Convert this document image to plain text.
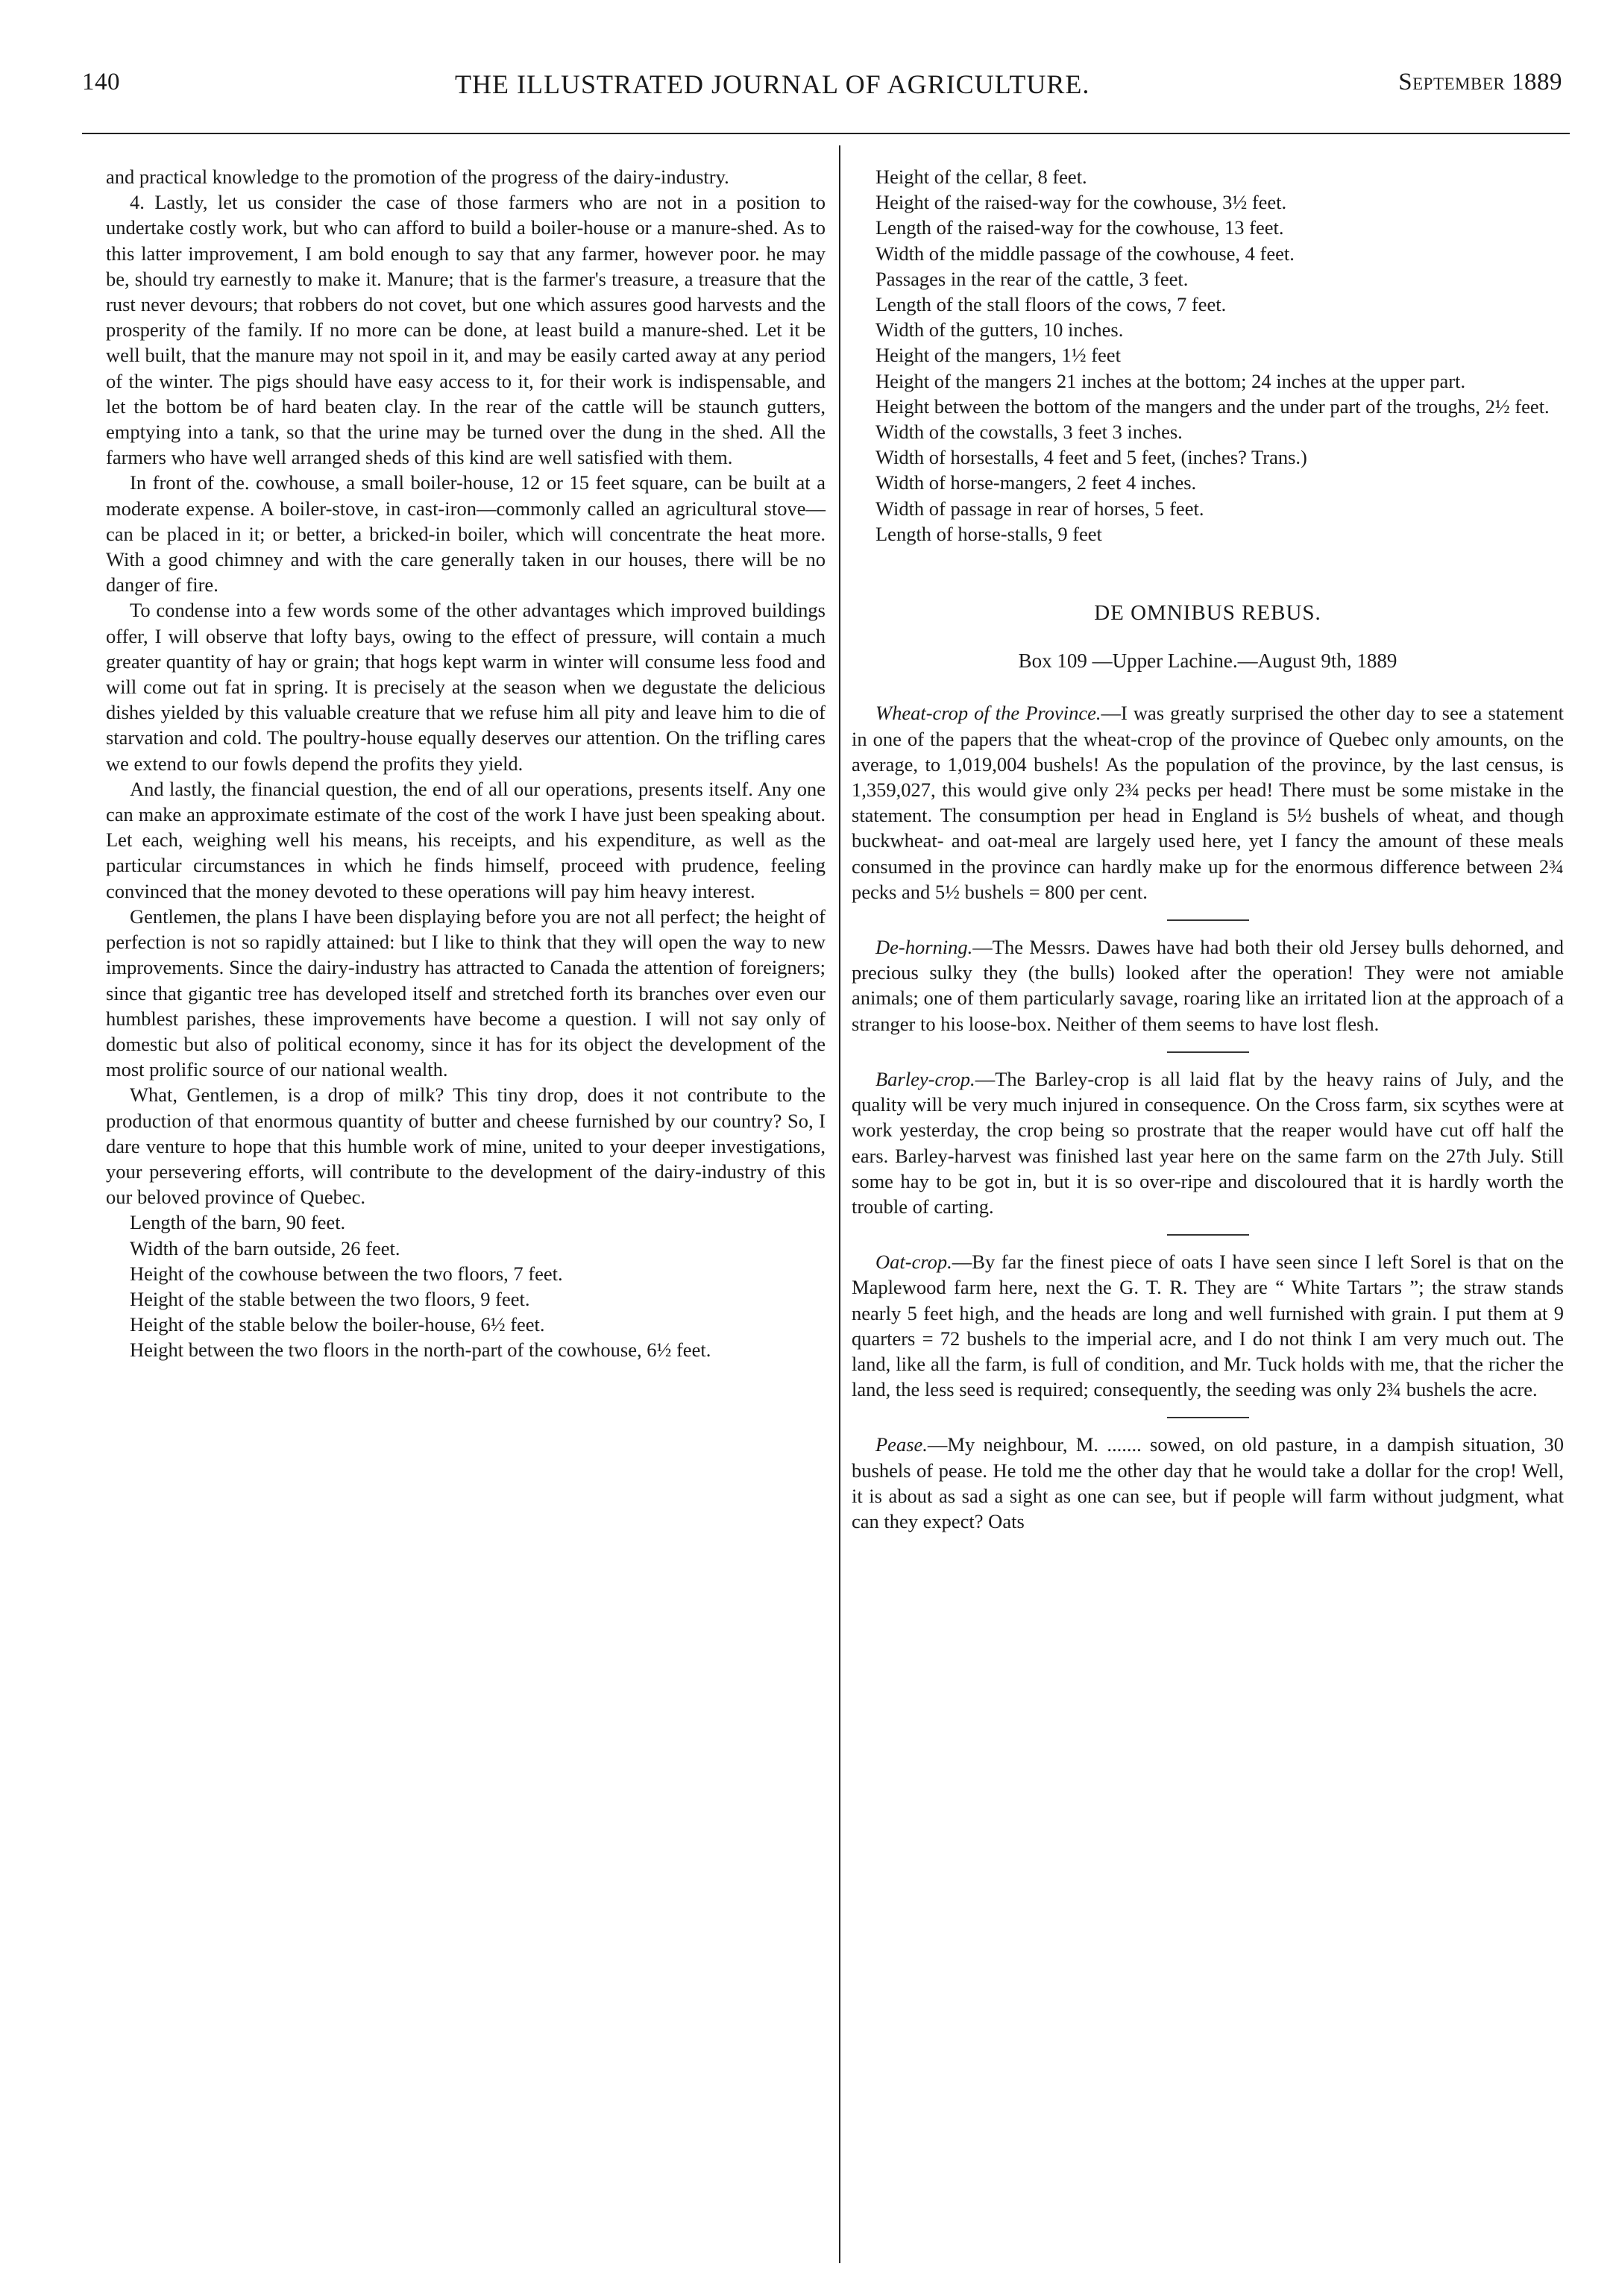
140	THE ILLUSTRATED JOURNAL OF AGRICULTURE.	September 1889

and practical knowledge to the promotion of the progress of the dairy-industry.

4. Lastly, let us consider the case of those farmers who are not in a position to undertake costly work, but who can afford to build a boiler-house or a manure-shed. As to this latter improvement, I am bold enough to say that any farmer, however poor. he may be, should try earnestly to make it. Manure; that is the farmer's treasure, a treasure that the rust never devours; that robbers do not covet, but one which assures good harvests and the prosperity of the family. If no more can be done, at least build a manure-shed. Let it be well built, that the manure may not spoil in it, and may be easily carted away at any period of the winter. The pigs should have easy access to it, for their work is indispensable, and let the bottom be of hard beaten clay. In the rear of the cattle will be staunch gutters, emptying into a tank, so that the urine may be turned over the dung in the shed. All the farmers who have well arranged sheds of this kind are well satisfied with them.

In front of the. cowhouse, a small boiler-house, 12 or 15 feet square, can be built at a moderate expense. A boiler-stove, in cast-iron—commonly called an agricultural stove—can be placed in it; or better, a bricked-in boiler, which will concentrate the heat more. With a good chimney and with the care generally taken in our houses, there will be no danger of fire.

To condense into a few words some of the other advantages which improved buildings offer, I will observe that lofty bays, owing to the effect of pressure, will contain a much greater quantity of hay or grain; that hogs kept warm in winter will consume less food and will come out fat in spring. It is precisely at the season when we degustate the delicious dishes yielded by this valuable creature that we refuse him all pity and leave him to die of starvation and cold. The poultry-house equally deserves our attention. On the trifling cares we extend to our fowls depend the profits they yield.

And lastly, the financial question, the end of all our operations, presents itself. Any one can make an approximate estimate of the cost of the work I have just been speaking about. Let each, weighing well his means, his receipts, and his expenditure, as well as the particular circumstances in which he finds himself, proceed with prudence, feeling convinced that the money devoted to these operations will pay him heavy interest.

Gentlemen, the plans I have been displaying before you are not all perfect; the height of perfection is not so rapidly attained: but I like to think that they will open the way to new improvements. Since the dairy-industry has attracted to Canada the attention of foreigners; since that gigantic tree has developed itself and stretched forth its branches over even our humblest parishes, these improvements have become a question. I will not say only of domestic but also of political economy, since it has for its object the development of the most prolific source of our national wealth.

What, Gentlemen, is a drop of milk? This tiny drop, does it not contribute to the production of that enormous quantity of butter and cheese furnished by our country? So, I dare venture to hope that this humble work of mine, united to your deeper investigations, your persevering efforts, will contribute to the development of the dairy-industry of this our beloved province of Quebec.

Length of the barn, 90 feet.

Width of the barn outside, 26 feet.

Height of the cowhouse between the two floors, 7 feet.

Height of the stable between the two floors, 9 feet.

Height of the stable below the boiler-house, 6½ feet.

Height between the two floors in the north-part of the cowhouse, 6½ feet.

Height of the cellar, 8 feet.

Height of the raised-way for the cowhouse, 3½ feet.

Length of the raised-way for the cowhouse, 13 feet.

Width of the middle passage of the cowhouse, 4 feet.

Passages in the rear of the cattle, 3 feet.

Length of the stall floors of the cows, 7 feet.

Width of the gutters, 10 inches.

Height of the mangers, 1½ feet

Height of the mangers 21 inches at the bottom; 24 inches at the upper part.

Height between the bottom of the mangers and the under part of the troughs, 2½ feet.

Width of the cowstalls, 3 feet 3 inches.

Width of horsestalls, 4 feet and 5 feet, (inches? Trans.)

Width of horse-mangers, 2 feet 4 inches.

Width of passage in rear of horses, 5 feet.

Length of horse-stalls, 9 feet

DE OMNIBUS REBUS.
Box 109 —Upper Lachine.—August 9th, 1889

Wheat-crop of the Province.—I was greatly surprised the other day to see a statement in one of the papers that the wheat-crop of the province of Quebec only amounts, on the average, to 1,019,004 bushels! As the population of the province, by the last census, is 1,359,027, this would give only 2¾ pecks per head! There must be some mistake in the statement. The consumption per head in England is 5½ bushels of wheat, and though buckwheat- and oat-meal are largely used here, yet I fancy the amount of these meals consumed in the province can hardly make up for the enormous difference between 2¾ pecks and 5½ bushels = 800 per cent.

De-horning.—The Messrs. Dawes have had both their old Jersey bulls dehorned, and precious sulky they (the bulls) looked after the operation! They were not amiable animals; one of them particularly savage, roaring like an irritated lion at the approach of a stranger to his loose-box. Neither of them seems to have lost flesh.

Barley-crop.—The Barley-crop is all laid flat by the heavy rains of July, and the quality will be very much injured in consequence. On the Cross farm, six scythes were at work yesterday, the crop being so prostrate that the reaper would have cut off half the ears. Barley-harvest was finished last year here on the same farm on the 27th July. Still some hay to be got in, but it is so over-ripe and discoloured that it is hardly worth the trouble of carting.

Oat-crop.—By far the finest piece of oats I have seen since I left Sorel is that on the Maplewood farm here, next the G. T. R. They are “ White Tartars ”; the straw stands nearly 5 feet high, and the heads are long and well furnished with grain. I put them at 9 quarters = 72 bushels to the imperial acre, and I do not think I am very much out. The land, like all the farm, is full of condition, and Mr. Tuck holds with me, that the richer the land, the less seed is required; consequently, the seeding was only 2¾ bushels the acre.

Pease.—My neighbour, M. ....... sowed, on old pasture, in a dampish situation, 30 bushels of pease. He told me the other day that he would take a dollar for the crop! Well, it is about as sad a sight as one can see, but if people will farm without judgment, what can they expect? Oats
